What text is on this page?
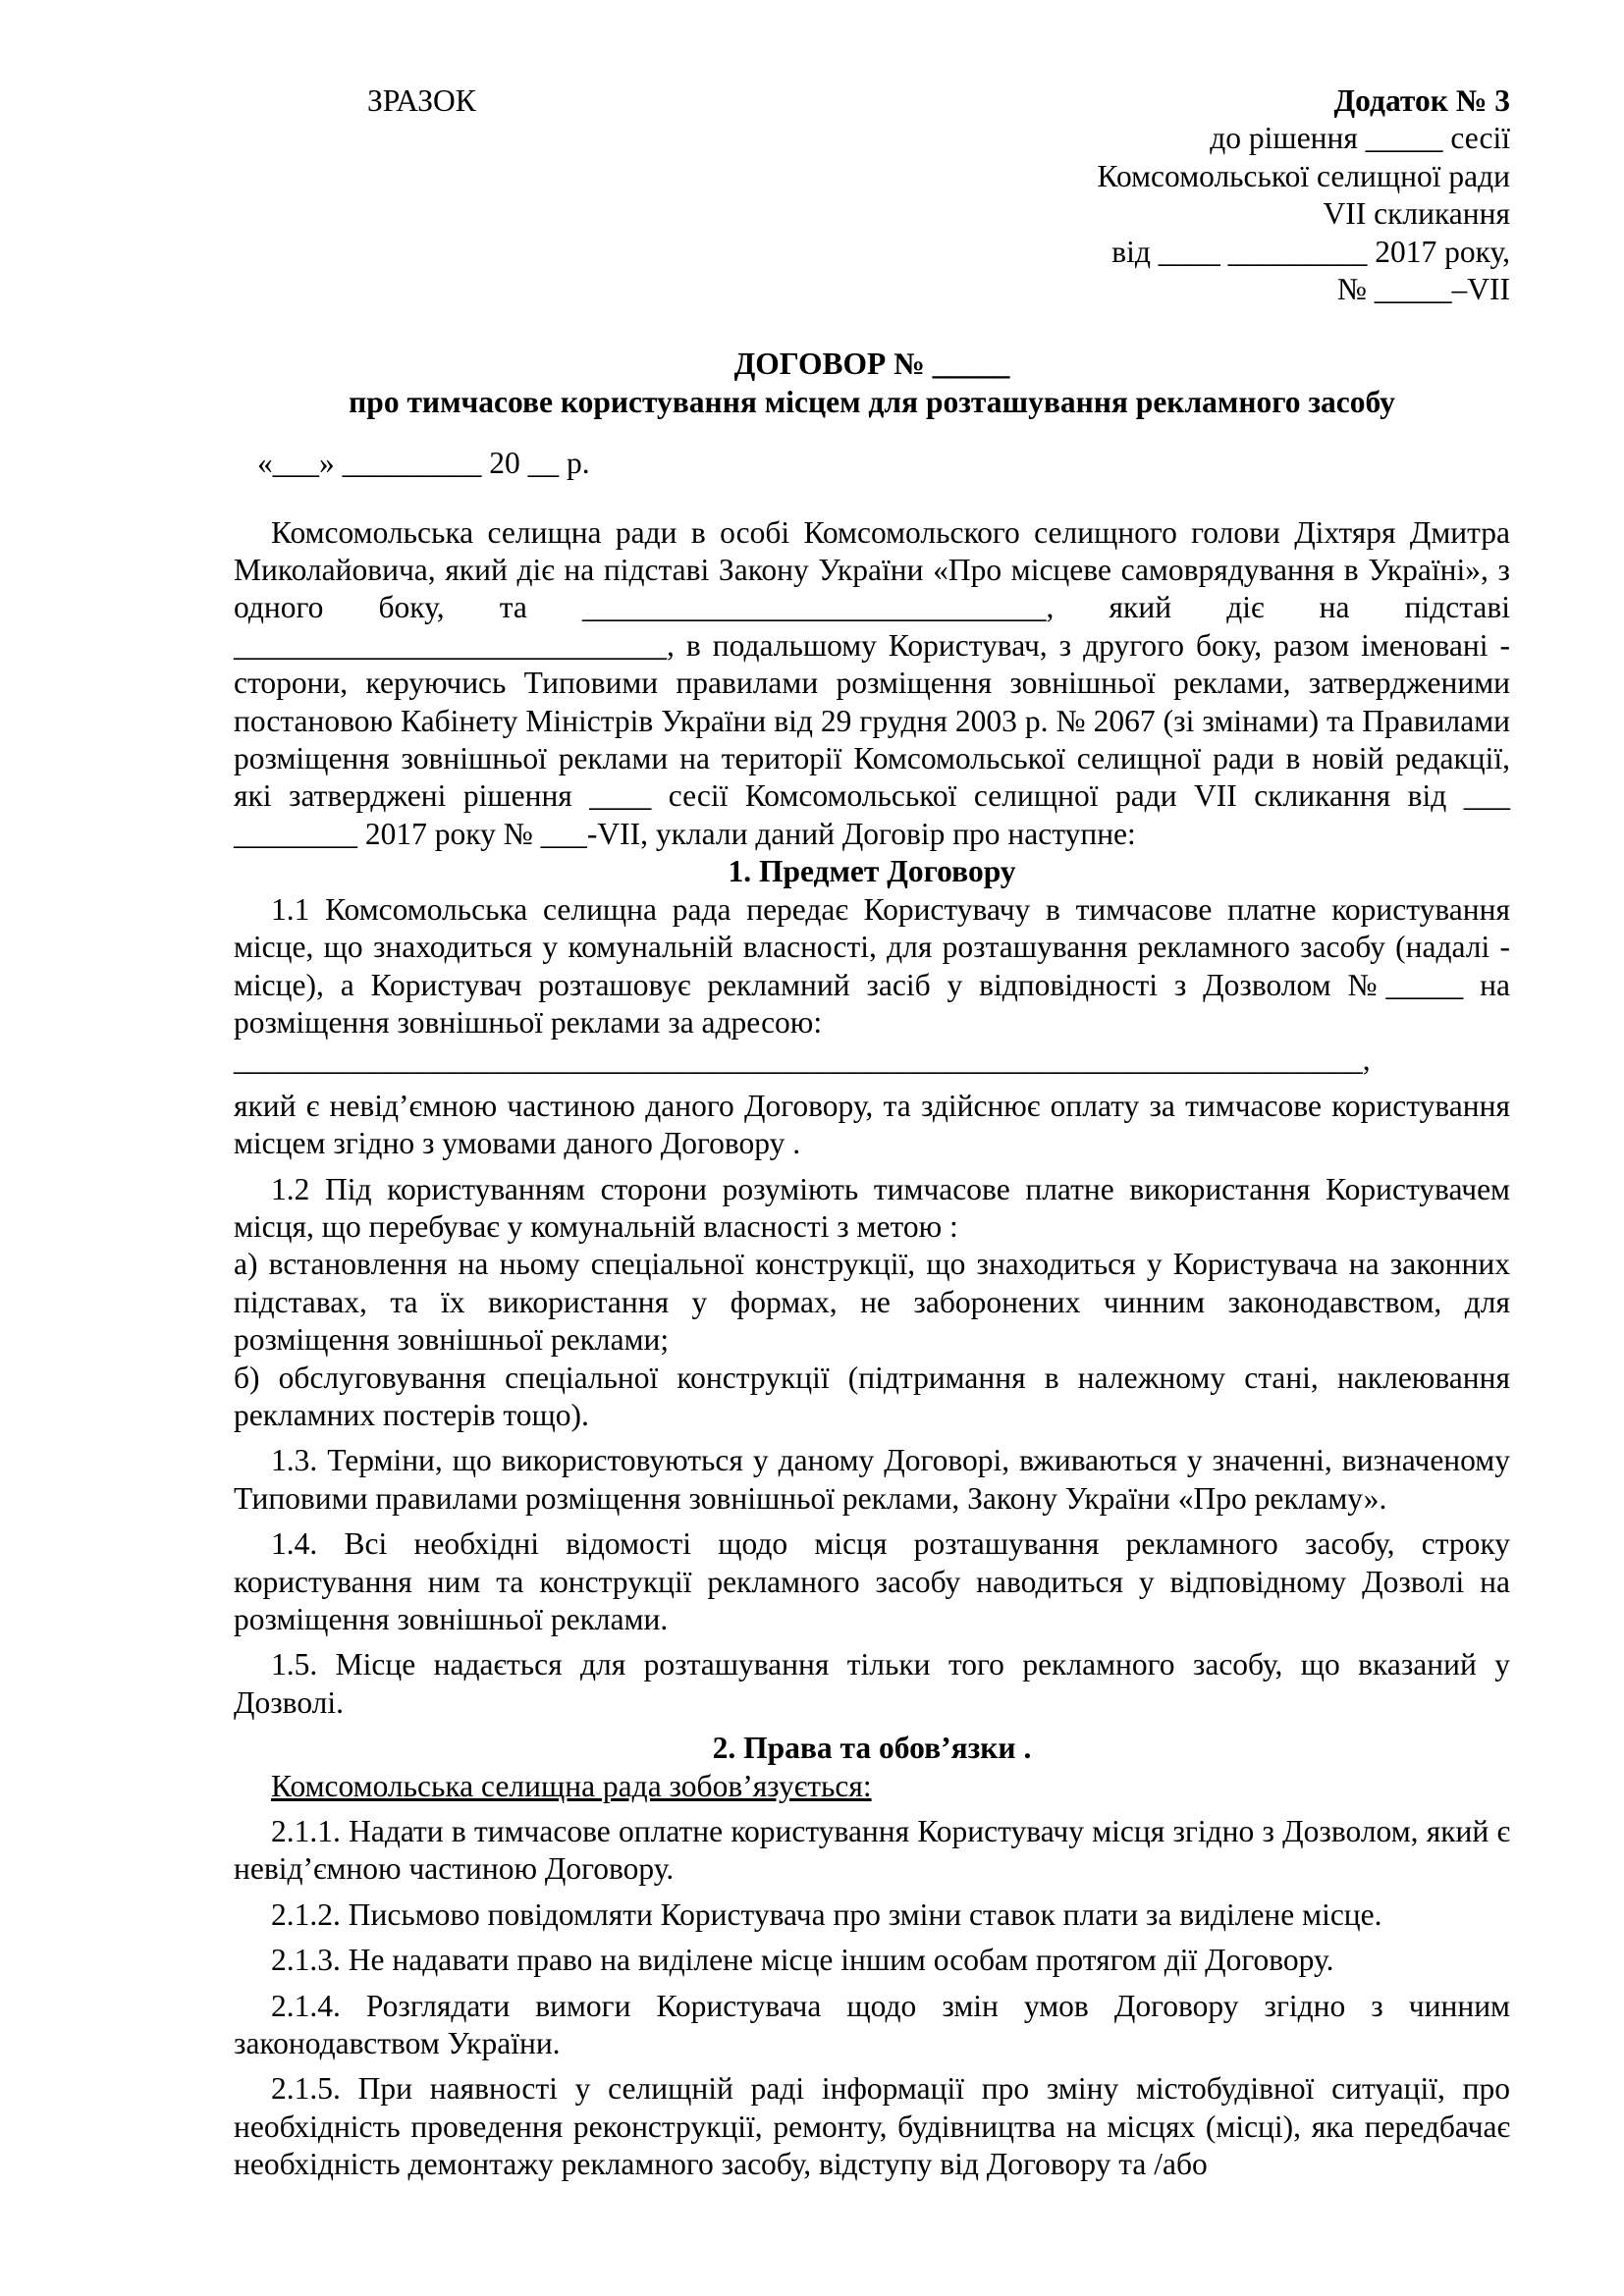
ЗРАЗОК	Додаток № 3
до рішення _____ сесії
Комсомольської селищної ради
VІІ скликання
від ____ _________ 2017 року,
№ _____–VІІ
ДОГОВОР № _____
про тимчасове користування місцем для розташування рекламного засобу
«___» _________ 20 __ р.

Комсомольська селищна ради в особі Комсомольского селищного голови Діхтяря Дмитра Миколайовича, який діє на підставі Закону України «Про місцеве самоврядування в Україні», з одного боку, та ______________________________, який діє на підставі ____________________________, в подальшому Користувач, з другого боку, разом іменовані - сторони, керуючись Типовими правилами розміщення зовнішньої реклами, затвердженими постановою Кабінету Міністрів України від 29 грудня 2003 р. № 2067 (зі змінами) та Правилами розміщення зовнішньої реклами на території Комсомольської селищної ради в новій редакції, які затверджені рішення ____ сесії Комсомольської селищної ради VІІ скликання від ___ ________ 2017 року № ___-VІІ, уклали даний Договір про наступне:

1. Предмет Договору

1.1 Комсомольська селищна рада передає Користувачу в тимчасове платне користування місце, що знаходиться у комунальній власності, для розташування рекламного засобу (надалі - місце), а Користувач розташовує рекламний засіб у відповідності з Дозволом №_____ на розміщення зовнішньої реклами за адресою:

_________________________________________________________________________,

який є невід’ємною частиною даного Договору, та здійснює оплату за тимчасове користування місцем згідно з умовами даного Договору .

1.2 Під користуванням сторони розуміють тимчасове платне використання Користувачем місця, що перебуває у комунальній власності з метою :

а) встановлення на ньому спеціальної конструкції, що знаходиться у Користувача на законних підставах, та їх використання у формах, не заборонених чинним законодавством, для розміщення зовнішньої реклами;

б) обслуговування спеціальної конструкції (підтримання в належному стані, наклеювання рекламних постерів тощо).

1.3. Терміни, що використовуються у даному Договорі, вживаються у значенні, визначеному Типовими правилами розміщення зовнішньої реклами, Закону України «Про рекламу».

1.4. Всі необхідні відомості щодо місця розташування рекламного засобу, строку користування ним та конструкції рекламного засобу наводиться у відповідному Дозволі на розміщення зовнішньої реклами.

1.5. Місце надається для розташування тільки того рекламного засобу, що вказаний у Дозволі.

2. Права та обов’язки .

Комсомольська селищна рада зобов’язується:

2.1.1. Надати в тимчасове оплатне користування Користувачу місця згідно з Дозволом, який є невід’ємною частиною Договору.

2.1.2. Письмово повідомляти Користувача про зміни ставок плати за виділене місце.

2.1.3. Не надавати право на виділене місце іншим особам протягом дії Договору.

2.1.4. Розглядати вимоги Користувача щодо змін умов Договору згідно з чинним законодавством України.

2.1.5. При наявності у селищній раді інформації про зміну містобудівної ситуації, про необхідність проведення реконструкції, ремонту, будівництва на місцях (місці), яка передбачає необхідність демонтажу рекламного засобу, відступу від Договору та /або
